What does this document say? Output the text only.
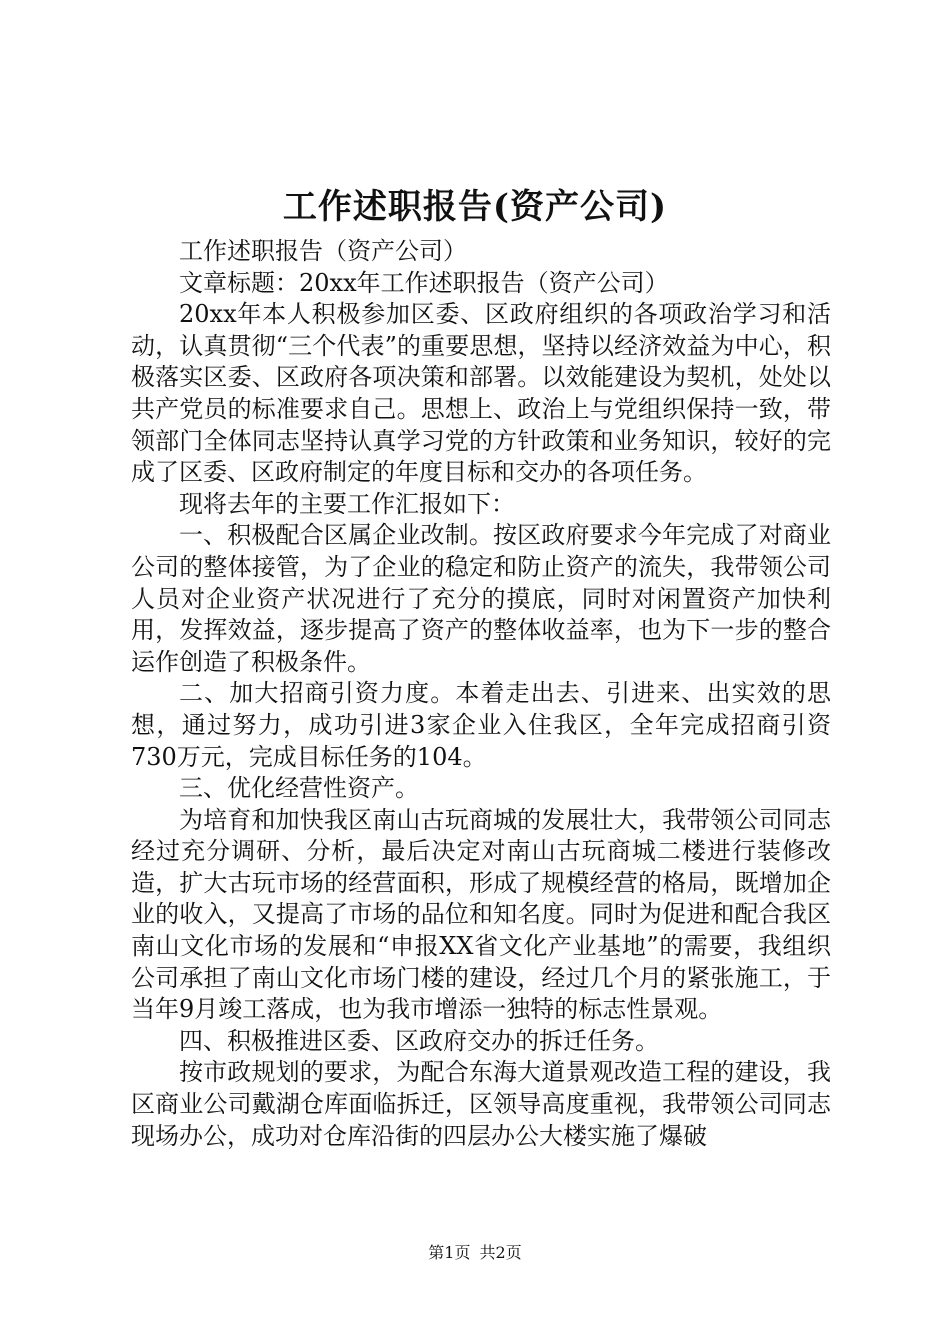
工作述职报告(资产公司)

工作述职报告（资产公司）

文章标题：20xx年工作述职报告（资产公司）

20xx年本人积极参加区委、区政府组织的各项政治学习和活动，认真贯彻“三个代表”的重要思想，坚持以经济效益为中心，积极落实区委、区政府各项决策和部署。以效能建设为契机，处处以共产党员的标准要求自己。思想上、政治上与党组织保持一致，带领部门全体同志坚持认真学习党的方针政策和业务知识，较好的完成了区委、区政府制定的年度目标和交办的各项任务。

现将去年的主要工作汇报如下：

一、积极配合区属企业改制。按区政府要求今年完成了对商业公司的整体接管，为了企业的稳定和防止资产的流失，我带领公司人员对企业资产状况进行了充分的摸底，同时对闲置资产加快利用，发挥效益，逐步提高了资产的整体收益率，也为下一步的整合运作创造了积极条件。

二、加大招商引资力度。本着走出去、引进来、出实效的思想，通过努力，成功引进3家企业入住我区，全年完成招商引资730万元，完成目标任务的104。

三、优化经营性资产。

为培育和加快我区南山古玩商城的发展壮大，我带领公司同志经过充分调研、分析，最后决定对南山古玩商城二楼进行装修改造，扩大古玩市场的经营面积，形成了规模经营的格局，既增加企业的收入，又提高了市场的品位和知名度。同时为促进和配合我区南山文化市场的发展和“申报XX省文化产业基地”的需要，我组织公司承担了南山文化市场门楼的建设，经过几个月的紧张施工，于当年9月竣工落成，也为我市增添一独特的标志性景观。

四、积极推进区委、区政府交办的拆迁任务。

按市政规划的要求，为配合东海大道景观改造工程的建设，我区商业公司戴湖仓库面临拆迁，区领导高度重视，我带领公司同志现场办公，成功对仓库沿街的四层办公大楼实施了爆破

第1页 共2页
